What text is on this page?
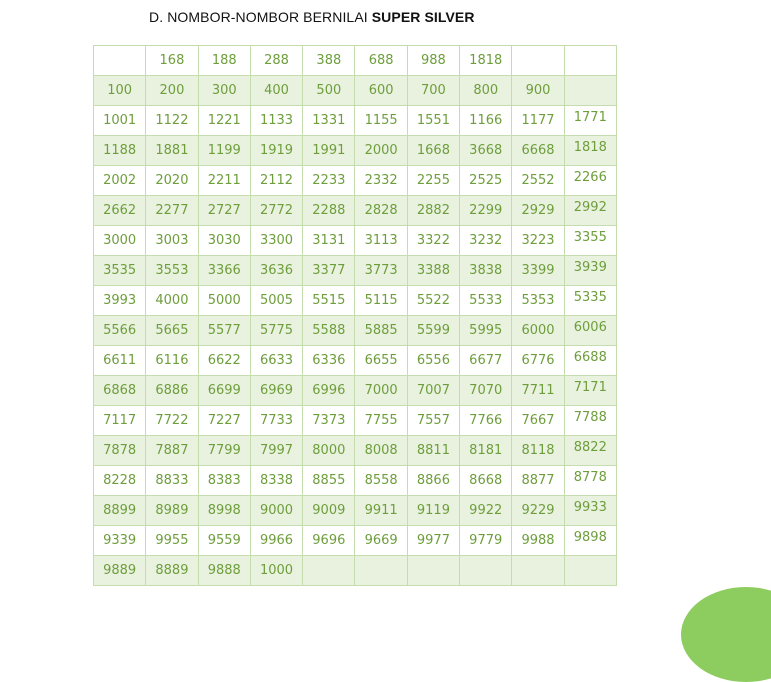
D. NOMBOR-NOMBOR BERNILAI SUPER SILVER
	168	188	288	388	688	988	1818		
100	200	300	400	500	600	700	800	900	
1001	1122	1221	1133	1331	1155	1551	1166	1177	1771
1188	1881	1199	1919	1991	2000	1668	3668	6668	1818
2002	2020	2211	2112	2233	2332	2255	2525	2552	2266
2662	2277	2727	2772	2288	2828	2882	2299	2929	2992
3000	3003	3030	3300	3131	3113	3322	3232	3223	3355
3535	3553	3366	3636	3377	3773	3388	3838	3399	3939
3993	4000	5000	5005	5515	5115	5522	5533	5353	5335
5566	5665	5577	5775	5588	5885	5599	5995	6000	6006
6611	6116	6622	6633	6336	6655	6556	6677	6776	6688
6868	6886	6699	6969	6996	7000	7007	7070	7711	7171
7117	7722	7227	7733	7373	7755	7557	7766	7667	7788
7878	7887	7799	7997	8000	8008	8811	8181	8118	8822
8228	8833	8383	8338	8855	8558	8866	8668	8877	8778
8899	8989	8998	9000	9009	9911	9119	9922	9229	9933
9339	9955	9559	9966	9696	9669	9977	9779	9988	9898
9889	8889	9888	1000						
